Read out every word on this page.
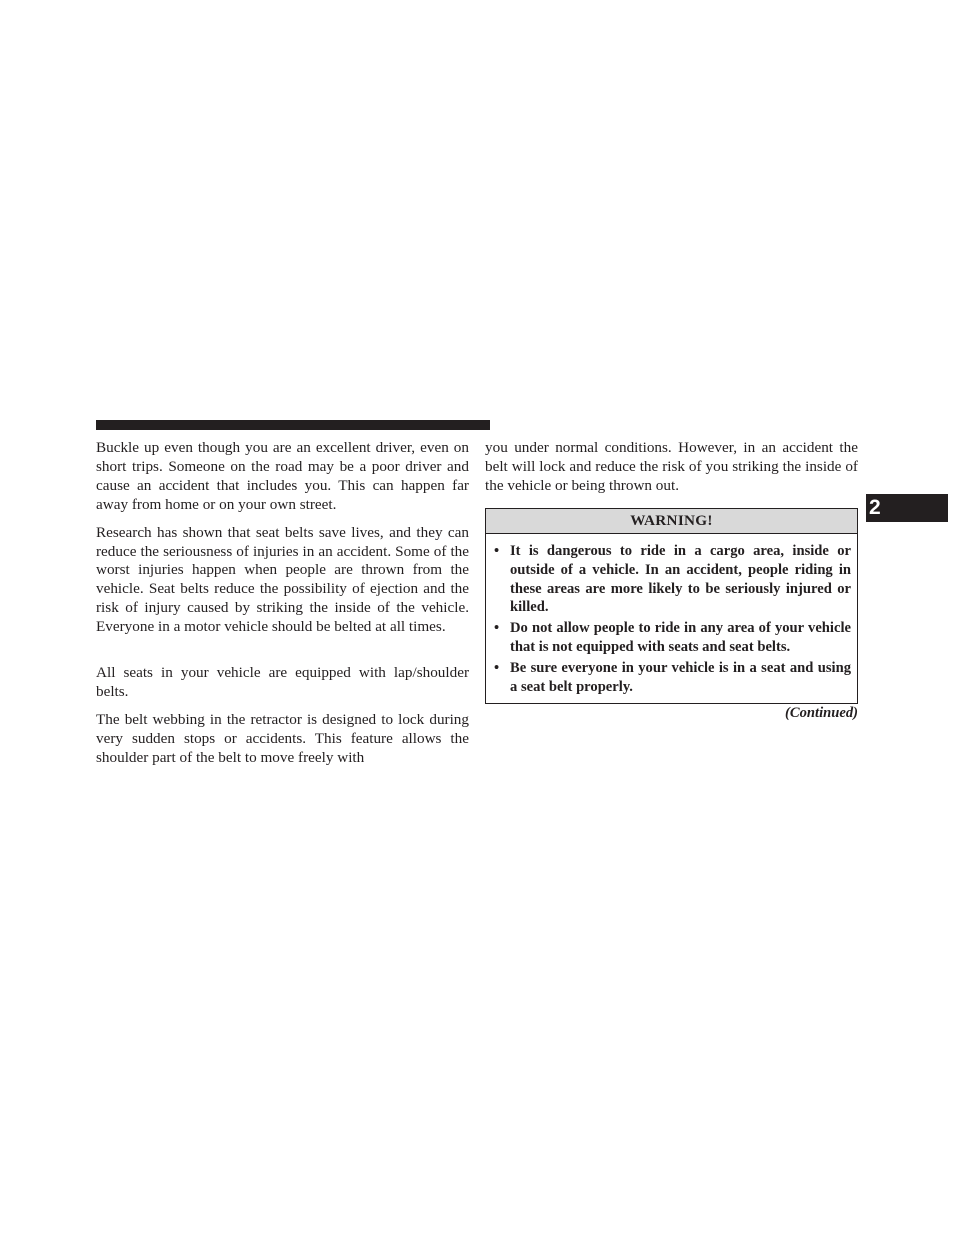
Buckle up even though you are an excellent driver, even on short trips. Someone on the road may be a poor driver and cause an accident that includes you. This can happen far away from home or on your own street.

Research has shown that seat belts save lives, and they can reduce the seriousness of injuries in an accident. Some of the worst injuries happen when people are thrown from the vehicle. Seat belts reduce the possibility of ejection and the risk of injury caused by striking the inside of the vehicle. Everyone in a motor vehicle should be belted at all times.

All seats in your vehicle are equipped with lap/shoulder belts.

The belt webbing in the retractor is designed to lock during very sudden stops or accidents. This feature allows the shoulder part of the belt to move freely with

you under normal conditions. However, in an accident the belt will lock and reduce the risk of you striking the inside of the vehicle or being thrown out.

WARNING!
• It is dangerous to ride in a cargo area, inside or outside of a vehicle. In an accident, people riding in these areas are more likely to be seriously injured or killed.
• Do not allow people to ride in any area of your vehicle that is not equipped with seats and seat belts.
• Be sure everyone in your vehicle is in a seat and using a seat belt properly.
(Continued)
2
